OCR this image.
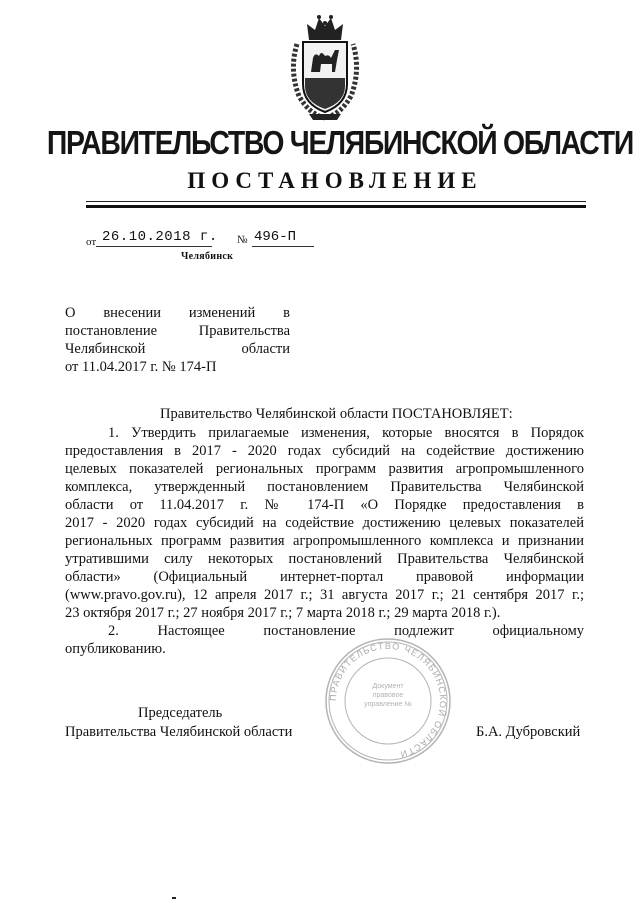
ПРАВИТЕЛЬСТВО ЧЕЛЯБИНСКОЙ ОБЛАСТИ
ПОСТАНОВЛЕНИЕ
от 26.10.2018 г. № 496-П
Челябинск
О внесении изменений в
постановление Правительства
Челябинской области
от 11.04.2017 г. № 174-П
Правительство Челябинской области ПОСТАНОВЛЯЕТ:
1. Утвердить прилагаемые изменения, которые вносятся в Порядок
предоставления в 2017 - 2020 годах субсидий на содействие достижению
целевых показателей региональных программ развития агропромышленного
комплекса, утвержденный постановлением Правительства Челябинской
области от 11.04.2017 г. № 174-П «О Порядке предоставления в
2017 - 2020 годах субсидий на содействие достижению целевых показателей
региональных программ развития агропромышленного комплекса и признании
утратившими силу некоторых постановлений Правительства Челябинской
области» (Официальный интернет-портал правовой информации
(www.pravo.gov.ru), 12 апреля 2017 г.; 31 августа 2017 г.; 21 сентября 2017 г.;
23 октября 2017 г.; 27 ноября 2017 г.; 7 марта 2018 г.; 29 марта 2018 г.).
2. Настоящее постановление подлежит официальному
опубликованию.
ПРАВИТЕЛЬСТВО ЧЕЛЯБИНСКОЙ ОБЛАСТИ
Документ правовое управление №
Председатель
Правительства Челябинской области	Б.А. Дубровский
